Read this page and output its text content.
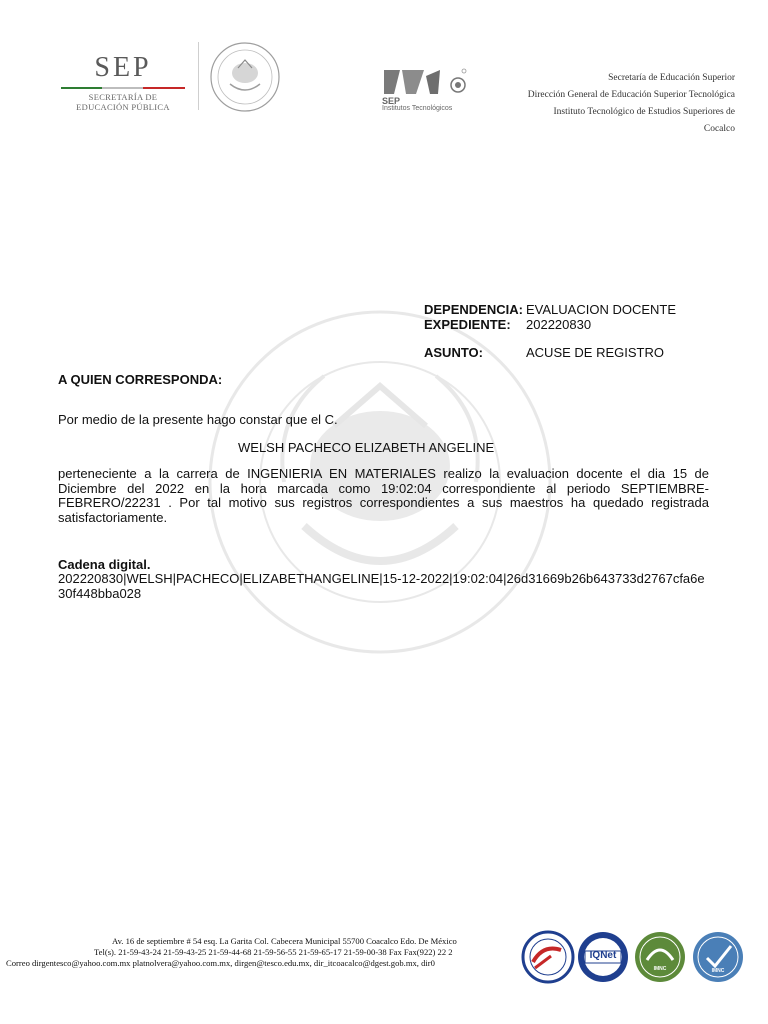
SEP
SECRETARÍA DE
EDUCACIÓN PÚBLICA
SEP
Institutos Tecnológicos
Secretaría de Educación Superior
Dirección General de Educación Superior Tecnológica
Instituto Tecnológico de Estudios Superiores de
Cocalco
DEPENDENCIA: EVALUACION DOCENTE
EXPEDIENTE:	202220830
ASUNTO:	ACUSE DE REGISTRO
A QUIEN CORRESPONDA:
Por medio de la presente hago constar que el C.
WELSH PACHECO ELIZABETH ANGELINE
perteneciente a la carrera de INGENIERIA EN MATERIALES realizo la evaluacion docente el dia 15 de Diciembre del 2022 en la hora marcada como 19:02:04 correspondiente al periodo SEPTIEMBRE-FEBRERO/22231 . Por tal motivo sus registros correspondientes a sus maestros ha quedado registrada satisfactoriamente.
Cadena digital.
202220830|WELSH|PACHECO|ELIZABETHANGELINE|15-12-2022|19:02:04|26d31669b26b643733d2767cfa6e30f448bba028
Av. 16 de septiembre # 54 esq. La Garita Col. Cabecera Municipal 55700 Coacalco Edo. De México
Tel(s). 21-59-43-24 21-59-43-25 21-59-44-68 21-59-56-55 21-59-65-17 21-59-00-38 Fax Fax(922) 22 2
Correo dirgentesco@yahoo.com.mx platnolvera@yahoo.com.mx, dirgen@tesco.edu.mx, dir_itcoacalco@dgest.gob.mx, dir0
IQNet
IMNC	IMNC
